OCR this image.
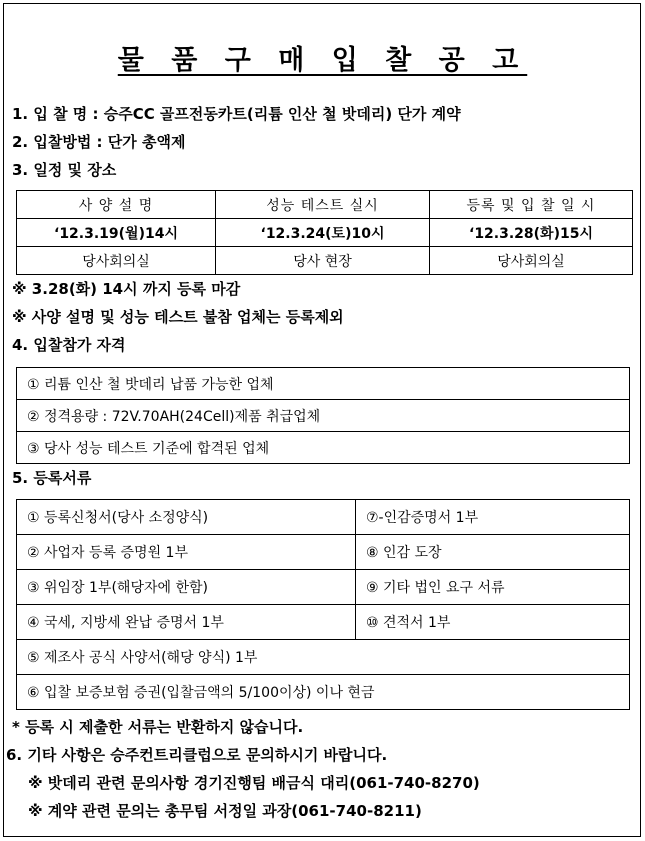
물 품 구 매 입 찰 공 고
1. 입 찰 명 : 승주CC 골프전동카트(리튬 인산 철 밧데리) 단가 계약
2. 입찰방법 : 단가 총액제
3. 일정 및 장소
사 양 설 명	성능 테스트 실시	등록 및 입 찰 일 시
‘12.3.19(월)14시	‘12.3.24(토)10시	‘12.3.28(화)15시
당사회의실	당사 현장	당사회의실
※ 3.28(화) 14시 까지 등록 마감
※ 사양 설명 및 성능 테스트 불참 업체는 등록제외
4. 입찰참가 자격
① 리튬 인산 철 밧데리 납품 가능한 업체
② 정격용량 : 72V.70AH(24Cell)제품 취급업체
③ 당사 성능 테스트 기준에 합격된 업체
5. 등록서류
① 등록신청서(당사 소정양식)	⑦-인감증명서 1부
② 사업자 등록 증명원 1부	⑧ 인감 도장
③ 위임장 1부(해당자에 한함)	⑨ 기타 법인 요구 서류
④ 국세, 지방세 완납 증명서 1부	⑩ 견적서 1부
⑤ 제조사 공식 사양서(해당 양식) 1부	
⑥ 입찰 보증보험 증권(입찰금액의 5/100이상) 이나 현금	
* 등록 시 제출한 서류는 반환하지 않습니다.
6. 기타 사항은 승주컨트리클럽으로 문의하시기 바랍니다.
※ 밧데리 관련 문의사항 경기진행팀 배금식 대리(061-740-8270)
※ 계약 관련 문의는 총무팀 서정일 과장(061-740-8211)
